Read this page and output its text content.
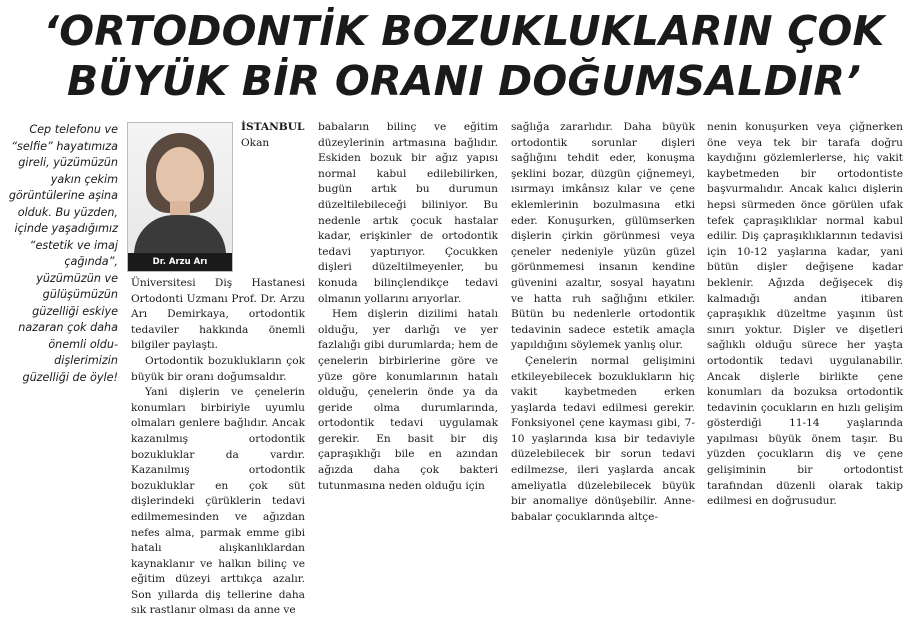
‘ORTODONTİK BOZUKLUKLARIN ÇOK
BÜYÜK BİR ORANI DOĞUMSALDIR’
Cep telefonu ve “selfie” hayatımıza gireli, yüzümüzün yakın çekim görüntülerine aşina olduk. Bu yüzden, içinde yaşadığımız “estetik ve imaj çağında”, yüzümüzün ve gülüşümüzün güzelliği eskiye nazaran çok daha önemli oldu- dişlerimizin güzelliği de öyle!
Dr. Arzu Arı

İSTANBUL Okan Üniversitesi Diş Hastanesi Ortodonti Uzmanı Prof. Dr. Arzu Arı Demirkaya, ortodontik tedaviler hakkında önemli bilgiler paylaştı.

Ortodontik bozuklukların çok büyük bir oranı doğumsaldır.

Yani dişlerin ve çenelerin konumları birbiriyle uyumlu olmaları genlere bağlıdır. Ancak kazanılmış ortodontik bozukluklar da vardır. Kazanılmış ortodontik bozukluklar en çok süt dişlerindeki çürüklerin tedavi edilmemesinden ve ağızdan nefes alma, parmak emme gibi hatalı alışkanlıklardan kaynaklanır ve halkın bilinç ve eğitim düzeyi arttıkça azalır. Son yıllarda diş tellerine daha sık rastlanır olması da anne ve

babaların bilinç ve eğitim düzeylerinin artmasına bağlıdır. Eskiden bozuk bir ağız yapısı normal kabul edilebilirken, bugün artık bu durumun düzeltilebileceği biliniyor. Bu nedenle artık çocuk hastalar kadar, erişkinler de ortodontik tedavi yaptırıyor. Çocukken dişleri düzeltilmeyenler, bu konuda bilinçlendikçe tedavi olmanın yollarını arıyorlar.

Hem dişlerin dizilimi hatalı olduğu, yer darlığı ve yer fazlalığı gibi durumlarda; hem de çenelerin birbirlerine göre ve yüze göre konumlarının hatalı olduğu, çenelerin önde ya da geride olma durumlarında, ortodontik tedavi uygulamak gerekir. En basit bir diş çapraşıklığı bile en azından ağızda daha çok bakteri tutunmasına neden olduğu için

sağlığa zararlıdır. Daha büyük ortodontik sorunlar dişleri sağlığını tehdit eder, konuşma şeklini bozar, düzgün çiğnemeyi, ısırmayı imkânsız kılar ve çene eklemlerinin bozulmasına etki eder. Konuşurken, gülümserken dişlerin çirkin görünmesi veya çeneler nedeniyle yüzün güzel görünmemesi insanın kendine güvenini azaltır, sosyal hayatını ve hatta ruh sağlığını etkiler. Bütün bu nedenlerle ortodontik tedavinin sadece estetik amaçla yapıldığını söylemek yanlış olur.

Çenelerin normal gelişimini etkileyebilecek bozuklukların hiç vakit kaybetmeden erken yaşlarda tedavi edilmesi gerekir. Fonksiyonel çene kayması gibi, 7-10 yaşlarında kısa bir tedaviyle düzelebilecek bir sorun tedavi edilmezse, ileri yaşlarda ancak ameliyatla düzelebilecek büyük bir anomaliye dönüşebilir. Anne-babalar çocuklarında altçe-

nenin konuşurken veya çiğnerken öne veya tek bir tarafa doğru kaydığını gözlemlerlerse, hiç vakit kaybetmeden bir ortodontiste başvurmalıdır. Ancak kalıcı dişlerin hepsi sürmeden önce görülen ufak tefek çapraşıklıklar normal kabul edilir. Diş çapraşıklıklarının tedavisi için 10-12 yaşlarına kadar, yani bütün dişler değişene kadar beklenir. Ağızda değişecek diş kalmadığı andan itibaren çapraşıklık düzeltme yaşının üst sınırı yoktur. Dişler ve dişetleri sağlıklı olduğu sürece her yaşta ortodontik tedavi uygulanabilir. Ancak dişlerle birlikte çene konumları da bozuksa ortodontik tedavinin çocukların en hızlı gelişim gösterdiği 11-14 yaşlarında yapılması büyük önem taşır. Bu yüzden çocukların diş ve çene gelişiminin bir ortodontist tarafından düzenli olarak takip edilmesi en doğrusudur.
